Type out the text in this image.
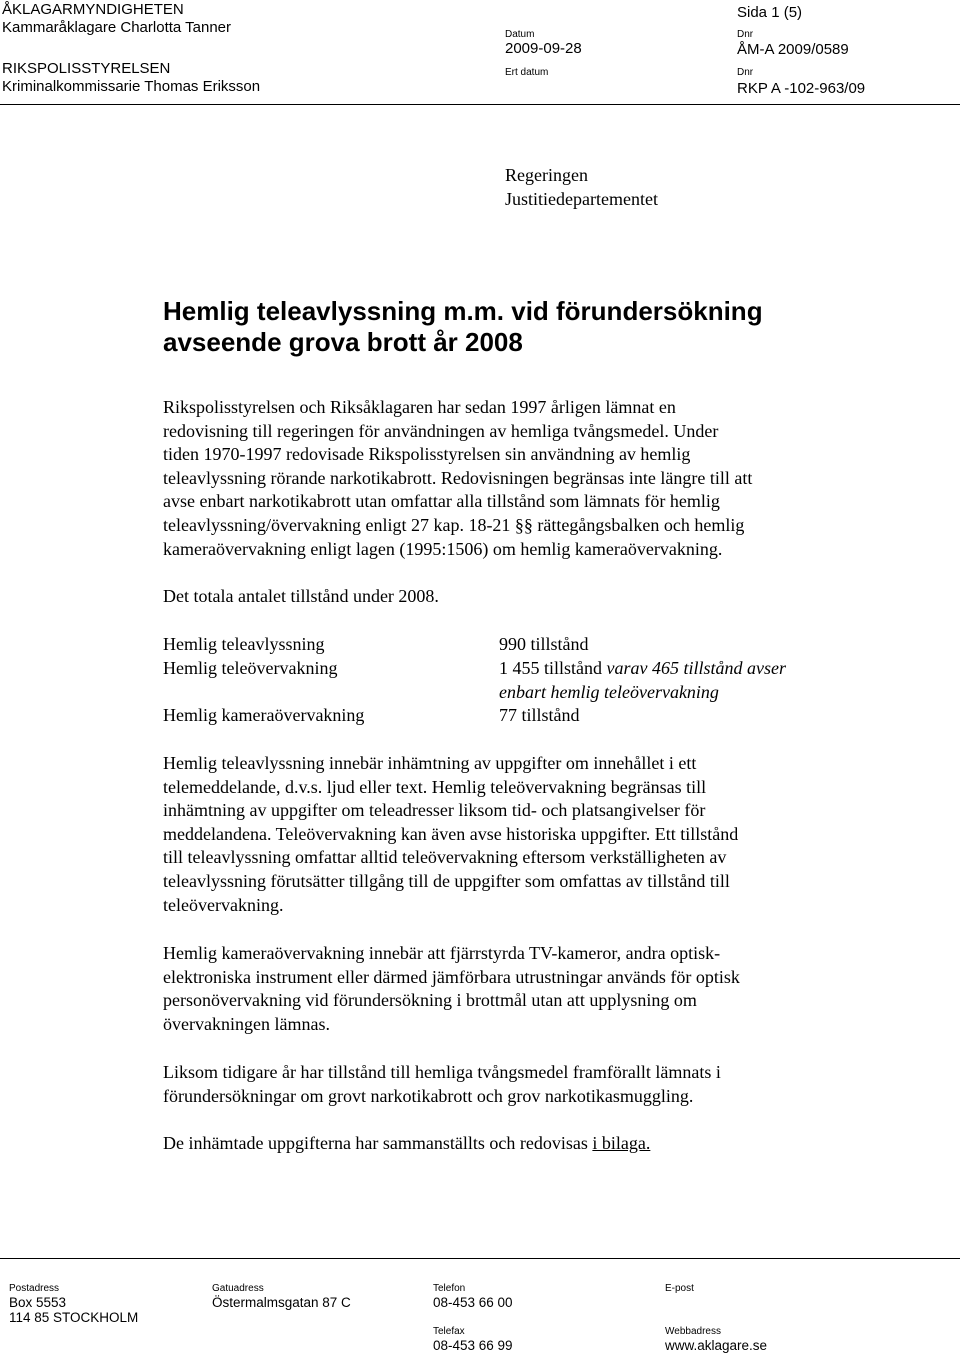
ÅKLAGARMYNDIGHETEN
Kammaråklagare Charlotta Tanner
RIKSPOLISSTYRELSEN
Kriminalkommissarie Thomas Eriksson
Datum
2009-09-28
Ert datum
Sida 1 (5)
Dnr
ÅM-A 2009/0589
Dnr
RKP A -102-963/09
Regeringen
Justitiedepartementet
Hemlig teleavlyssning m.m. vid förundersökning
avseende grova brott år 2008
Rikspolisstyrelsen och Riksåklagaren har sedan 1997 årligen lämnat en
redovisning till regeringen för användningen av hemliga tvångsmedel. Under
tiden 1970-1997 redovisade Rikspolisstyrelsen sin användning av hemlig
teleavlyssning rörande narkotikabrott. Redovisningen begränsas inte längre till att
avse enbart narkotikabrott utan omfattar alla tillstånd som lämnats för hemlig
teleavlyssning/övervakning enligt 27 kap. 18-21 §§ rättegångsbalken och hemlig
kameraövervakning enligt lagen (1995:1506) om hemlig kameraövervakning.
Det totala antalet tillstånd under 2008.
Hemlig teleavlyssning	990 tillstånd
Hemlig teleövervakning	1 455 tillstånd varav 465 tillstånd avser
enbart hemlig teleövervakning
Hemlig kameraövervakning	77 tillstånd
Hemlig teleavlyssning innebär inhämtning av uppgifter om innehållet i ett
telemeddelande, d.v.s. ljud eller text. Hemlig teleövervakning begränsas till
inhämtning av uppgifter om teleadresser liksom tid- och platsangivelser för
meddelandena. Teleövervakning kan även avse historiska uppgifter. Ett tillstånd
till teleavlyssning omfattar alltid teleövervakning eftersom verkställigheten av
teleavlyssning förutsätter tillgång till de uppgifter som omfattas av tillstånd till
teleövervakning.
Hemlig kameraövervakning innebär att fjärrstyrda TV-kameror, andra optisk-
elektroniska instrument eller därmed jämförbara utrustningar används för optisk
personövervakning vid förundersökning i brottmål utan att upplysning om
övervakningen lämnas.
Liksom tidigare år har tillstånd till hemliga tvångsmedel framförallt lämnats i
förundersökningar om grovt narkotikabrott och grov narkotikasmuggling.
De inhämtade uppgifterna har sammanställts och redovisas i bilaga.
Postadress
Box 5553
114 85 STOCKHOLM
Gatuadress
Östermalmsgatan 87 C
Telefon
08-453 66 00
Telefax
08-453 66 99
E-post
Webbadress
www.aklagare.se
